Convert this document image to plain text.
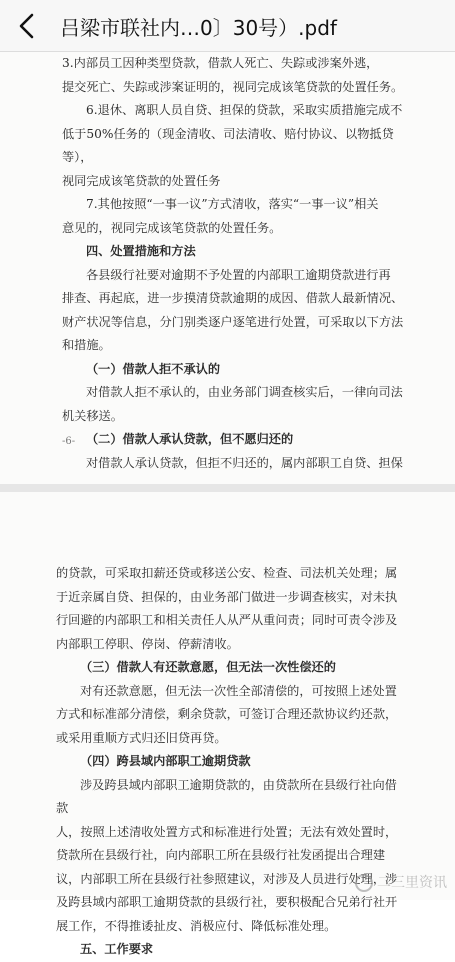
吕梁市联社内…0〕30号）.pdf

3.内部员工因种类型贷款，借款人死亡、失踪或涉案外逃，

提交死亡、失踪或涉案证明的，视同完成该笔贷款的处置任务。

6.退休、离职人员自贷、担保的贷款，采取实质措施完成不

低于50%任务的（现金清收、司法清收、赔付协议、以物抵贷等），

视同完成该笔贷款的处置任务

7.其他按照“一事一议”方式清收，落实“一事一议”相关

意见的，视同完成该笔贷款的处置任务。

四、处置措施和方法

各县级行社要对逾期不予处置的内部职工逾期贷款进行再

排查、再起底，进一步摸清贷款逾期的成因、借款人最新情况、

财产状况等信息，分门别类逐户逐笔进行处置，可采取以下方法

和措施。

（一）借款人拒不承认的

对借款人拒不承认的，由业务部门调查核实后，一律向司法

机关移送。

（二）借款人承认贷款，但不愿归还的

对借款人承认贷款，但拒不归还的，属内部职工自贷、担保

-6-

的贷款，可采取扣薪还贷或移送公安、检查、司法机关处理；属

于近亲属自贷、担保的，由业务部门做进一步调查核实，对未执

行回避的内部职工和相关责任人从严从重问责；同时可责令涉及

内部职工停职、停岗、停薪清收。

（三）借款人有还款意愿，但无法一次性偿还的

对有还款意愿，但无法一次性全部清偿的，可按照上述处置

方式和标准部分清偿，剩余贷款，可签订合理还款协议约还款，

或采用重顺方式归还旧贷再贷。

（四）跨县域内部职工逾期贷款

涉及跨县域内部职工逾期贷款的，由贷款所在县级行社向借款

人，按照上述清收处置方式和标准进行处置；无法有效处置时，

贷款所在县级行社，向内部职工所在县级行社发函提出合理建

议，内部职工所在县级行社参照建议，对涉及人员进行处理，涉

及跨县域内部职工逾期贷款的县级行社，要积极配合兄弟行社开

展工作，不得推诿扯皮、消极应付、降低标准处理。

五、工作要求

二三里资讯
